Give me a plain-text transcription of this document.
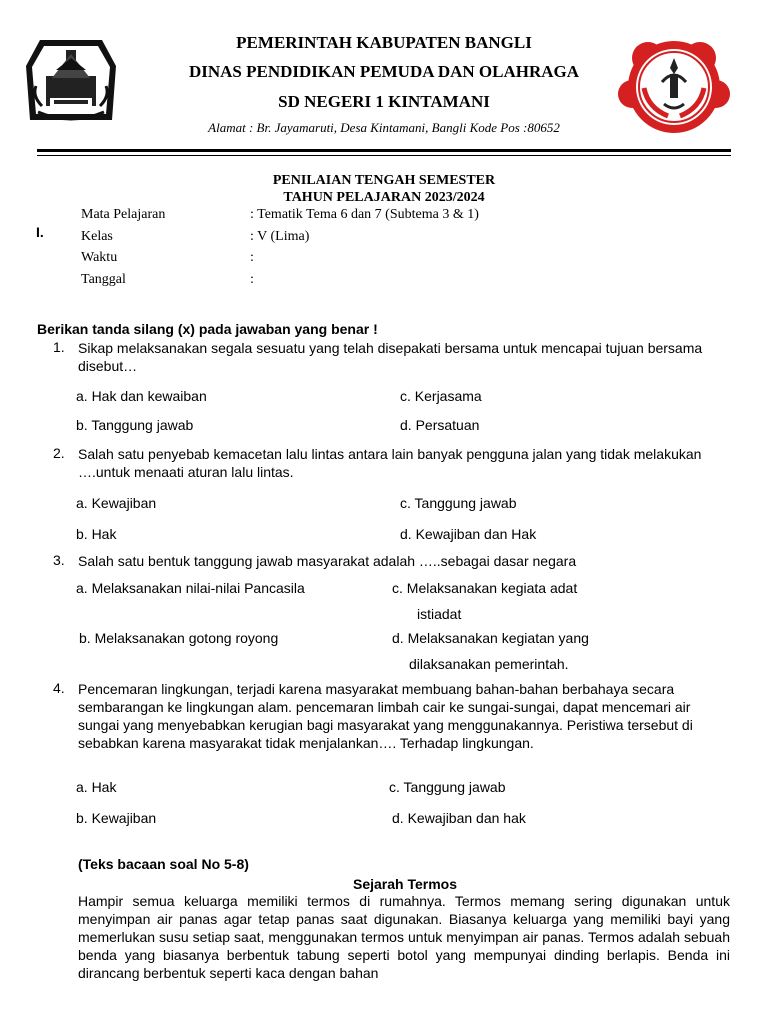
PEMERINTAH KABUPATEN BANGLI
DINAS PENDIDIKAN PEMUDA DAN OLAHRAGA
SD NEGERI 1 KINTAMANI
Alamat : Br. Jayamaruti, Desa Kintamani, Bangli Kode Pos :80652
PENILAIAN TENGAH SEMESTER
TAHUN PELAJARAN 2023/2024
I.
Mata Pelajaran	: Tematik Tema 6 dan 7 (Subtema 3 & 1)
Kelas	: V (Lima)
Waktu	:
Tanggal	:
Berikan tanda silang (x) pada jawaban yang benar !
1. Sikap melaksanakan segala sesuatu yang telah disepakati bersama untuk mencapai tujuan bersama disebut…
a. Hak dan kewaiban
b. Tanggung jawab
c. Kerjasama
d. Persatuan
2. Salah satu penyebab kemacetan lalu lintas antara lain banyak pengguna jalan yang tidak melakukan ….untuk menaati aturan lalu lintas.
a. Kewajiban
b. Hak
c. Tanggung jawab
d. Kewajiban dan Hak
3. Salah satu bentuk tanggung jawab masyarakat adalah …..sebagai dasar negara
a. Melaksanakan nilai-nilai Pancasila
b. Melaksanakan gotong royong
c. Melaksanakan kegiata adat
istiadat
d. Melaksanakan kegiatan yang
dilaksanakan pemerintah.
4. Pencemaran lingkungan, terjadi karena masyarakat membuang bahan-bahan berbahaya secara sembarangan ke lingkungan alam. pencemaran limbah cair ke sungai-sungai, dapat mencemari air sungai yang menyebabkan kerugian bagi masyarakat yang menggunakannya. Peristiwa tersebut di sebabkan karena masyarakat tidak menjalankan…. Terhadap lingkungan.
a. Hak
b. Kewajiban
c. Tanggung jawab
d. Kewajiban dan hak
(Teks bacaan soal No 5-8)
Sejarah Termos
Hampir semua keluarga memiliki termos di rumahnya. Termos memang sering digunakan untuk menyimpan air panas agar tetap panas saat digunakan. Biasanya keluarga yang memiliki bayi yang memerlukan susu setiap saat, menggunakan termos untuk menyimpan air panas. Termos adalah sebuah benda yang biasanya berbentuk tabung seperti botol yang mempunyai dinding berlapis. Benda ini dirancang berbentuk seperti kaca dengan bahan
